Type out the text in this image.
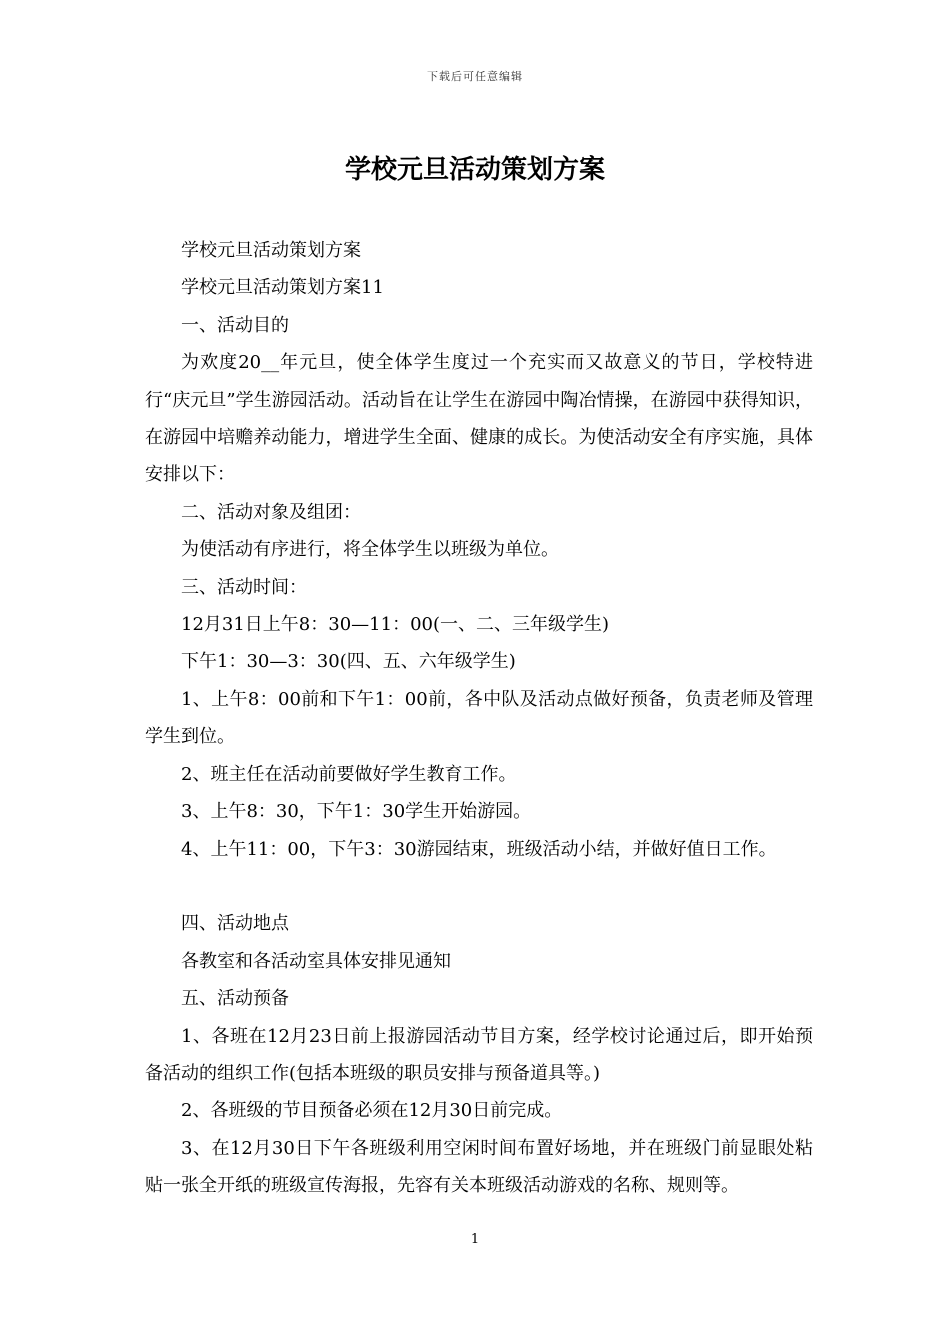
下载后可任意编辑
学校元旦活动策划方案

学校元旦活动策划方案

学校元旦活动策划方案11

一、活动目的

为欢度20__年元旦，使全体学生度过一个充实而又故意义的节日，学校特进行“庆元旦”学生游园活动。活动旨在让学生在游园中陶冶情操，在游园中获得知识，在游园中培赡养动能力，增进学生全面、健康的成长。为使活动安全有序实施，具体安排以下：

二、活动对象及组团：

为使活动有序进行，将全体学生以班级为单位。

三、活动时间：

12月31日上午8：30—11：00(一、二、三年级学生)

下午1：30—3：30(四、五、六年级学生)

1、上午8：00前和下午1：00前，各中队及活动点做好预备，负责老师及管理学生到位。

2、班主任在活动前要做好学生教育工作。

3、上午8：30，下午1：30学生开始游园。

4、上午11：00，下午3：30游园结束，班级活动小结，并做好值日工作。

四、活动地点

各教室和各活动室具体安排见通知

五、活动预备

1、各班在12月23日前上报游园活动节目方案，经学校讨论通过后，即开始预备活动的组织工作(包括本班级的职员安排与预备道具等。)

2、各班级的节目预备必须在12月30日前完成。

3、在12月30日下午各班级利用空闲时间布置好场地，并在班级门前显眼处粘贴一张全开纸的班级宣传海报，先容有关本班级活动游戏的名称、规则等。

1
